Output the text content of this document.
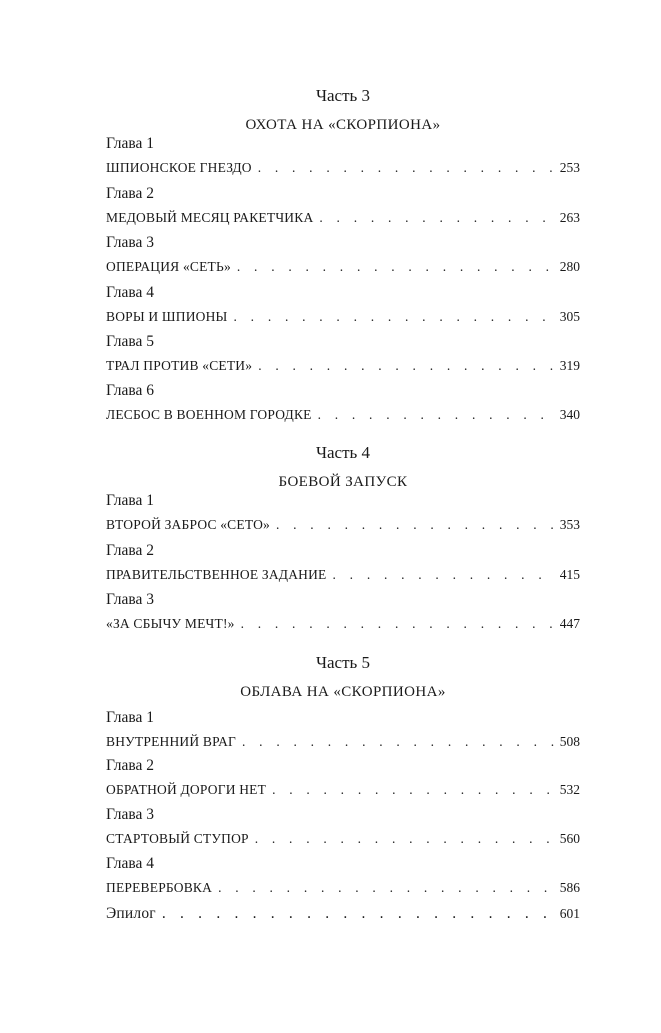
Часть 3
ОХОТА НА «СКОРПИОНА»
Глава 1
ШПИОНСКОЕ ГНЕЗДО . . .	253
Глава 2
МЕДОВЫЙ МЕСЯЦ РАКЕТЧИКА . . .	263
Глава 3
ОПЕРАЦИЯ «СЕТЬ» . . .	280
Глава 4
ВОРЫ И ШПИОНЫ . . .	305
Глава 5
ТРАЛ ПРОТИВ «СЕТИ» . . .	319
Глава 6
ЛЕСБОС В ВОЕННОМ ГОРОДКЕ . . .	340
Часть 4
БОЕВОЙ ЗАПУСК
Глава 1
ВТОРОЙ ЗАБРОС «СЕТО» . . .	353
Глава 2
ПРАВИТЕЛЬСТВЕННОЕ ЗАДАНИЕ . . .	415
Глава 3
«ЗА СБЫЧУ МЕЧТ!» . . .	447
Часть 5
ОБЛАВА НА «СКОРПИОНА»
Глава 1
ВНУТРЕННИЙ ВРАГ . . .	508
Глава 2
ОБРАТНОЙ ДОРОГИ НЕТ . . .	532
Глава 3
СТАРТОВЫЙ СТУПОР . . .	560
Глава 4
ПЕРЕВЕРБОВКА . . .	586
Эпилог . . .	601
